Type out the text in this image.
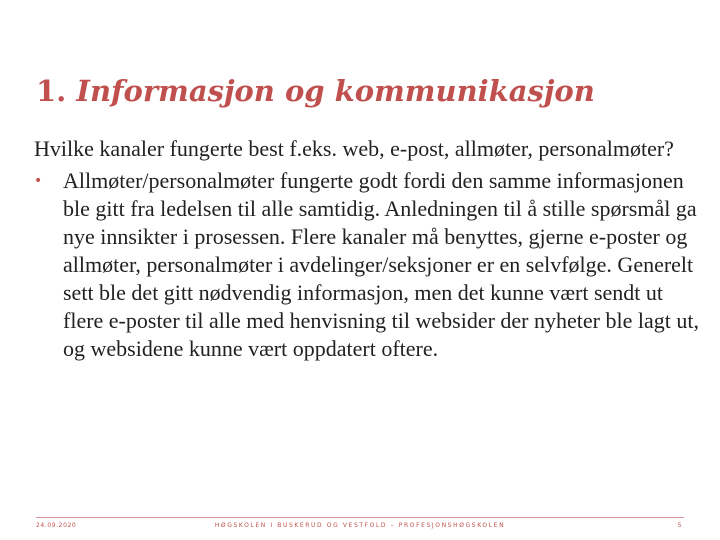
1. Informasjon og kommunikasjon

Hvilke kanaler fungerte best f.eks. web, e-post, allmøter, personalmøter?

• Allmøter/personalmøter fungerte godt fordi den samme informasjonen ble gitt fra ledelsen til alle samtidig. Anledningen til å stille spørsmål ga nye innsikter i prosessen. Flere kanaler må benyttes, gjerne e-poster og allmøter, personalmøter i avdelinger/seksjoner er en selvfølge. Generelt sett ble det gitt nødvendig informasjon, men det kunne vært sendt ut flere e-poster til alle med henvisning til websider der nyheter ble lagt ut, og websidene kunne vært oppdatert oftere.
24.09.2020	HØGSKOLEN I BUSKERUD OG VESTFOLD – PROFESJONSHØGSKOLEN	5
